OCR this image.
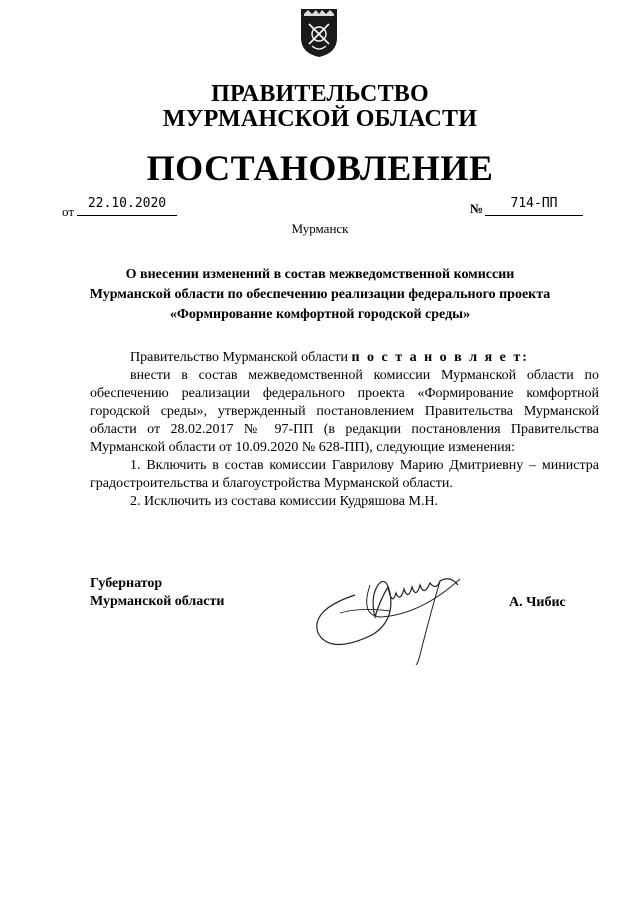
ПРАВИТЕЛЬСТВО
МУРМАНСКОЙ ОБЛАСТИ
ПОСТАНОВЛЕНИЕ
от
22.10.2020	№	714-ПП
Мурманск
О внесении изменений в состав межведомственной комиссии
Мурманской области по обеспечению реализации федерального проекта
«Формирование комфортной городской среды»

Правительство Мурманской области п о с т а н о в л я е т:

внести в состав межведомственной комиссии Мурманской области по обеспечению реализации федерального проекта «Формирование комфортной городской среды», утвержденный постановлением Правительства Мурманской области от 28.02.2017 № 97-ПП (в редакции постановления Правительства Мурманской области от 10.09.2020 № 628-ПП), следующие изменения:

1. Включить в состав комиссии Гаврилову Марию Дмитриевну – министра градостроительства и благоустройства Мурманской области.

2. Исключить из состава комиссии Кудряшова М.Н.

Губернатор
Мурманской области	А. Чибис
